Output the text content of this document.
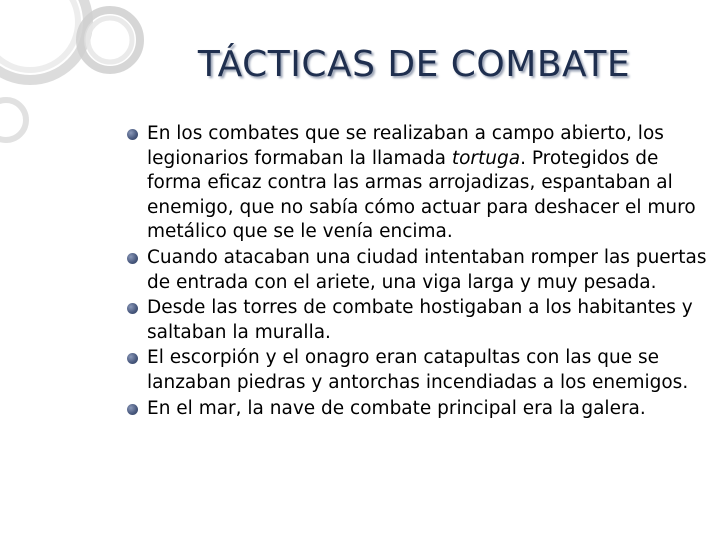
TÁCTICAS DE COMBATE
En los combates que se realizaban a campo abierto, los legionarios formaban la llamada tortuga. Protegidos de forma eficaz contra las armas arrojadizas, espantaban al enemigo, que no sabía cómo actuar para deshacer el muro metálico que se le venía encima.
Cuando atacaban una ciudad intentaban romper las puertas de entrada con el ariete, una viga larga y muy pesada.
Desde las torres de combate hostigaban a los habitantes y saltaban la muralla.
El escorpión y el onagro eran catapultas con las que se lanzaban piedras y antorchas incendiadas a los enemigos.
En el mar, la nave de combate principal era la galera.
